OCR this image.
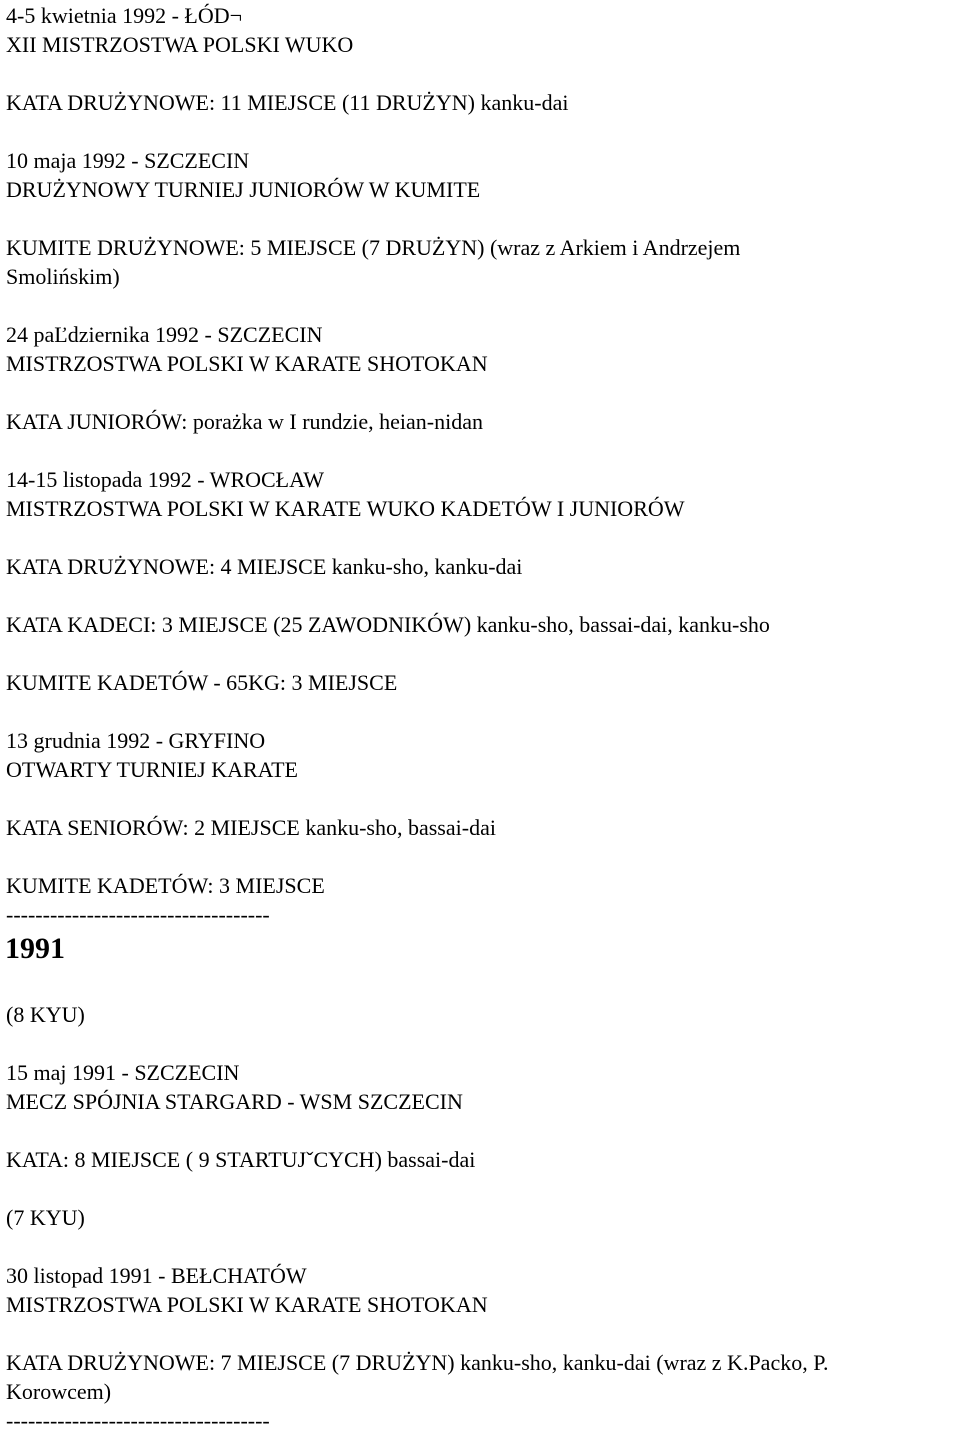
4-5 kwietnia 1992 - ŁÓD¬
XII MISTRZOSTWA POLSKI WUKO
KATA DRUŻYNOWE: 11 MIEJSCE (11 DRUŻYN) kanku-dai
10 maja 1992 - SZCZECIN
DRUŻYNOWY TURNIEJ JUNIORÓW W KUMITE
KUMITE DRUŻYNOWE: 5 MIEJSCE (7 DRUŻYN) (wraz z Arkiem i Andrzejem
Smolińskim)
24 paĽdziernika 1992 - SZCZECIN
MISTRZOSTWA POLSKI W KARATE SHOTOKAN
KATA JUNIORÓW: porażka w I rundzie, heian-nidan
14-15 listopada 1992 - WROCŁAW
MISTRZOSTWA POLSKI W KARATE WUKO KADETÓW I JUNIORÓW
KATA DRUŻYNOWE: 4 MIEJSCE kanku-sho, kanku-dai
KATA KADECI: 3 MIEJSCE (25 ZAWODNIKÓW) kanku-sho, bassai-dai, kanku-sho
KUMITE KADETÓW - 65KG: 3 MIEJSCE
13 grudnia 1992 - GRYFINO
OTWARTY TURNIEJ KARATE
KATA SENIORÓW: 2 MIEJSCE kanku-sho, bassai-dai
KUMITE KADETÓW: 3 MIEJSCE
------------------------------------
1991
(8 KYU)
15 maj 1991 - SZCZECIN
MECZ SPÓJNIA STARGARD - WSM SZCZECIN
KATA: 8 MIEJSCE ( 9 STARTUJˇCYCH) bassai-dai
(7 KYU)
30 listopad 1991 - BEŁCHATÓW
MISTRZOSTWA POLSKI W KARATE SHOTOKAN
KATA DRUŻYNOWE: 7 MIEJSCE (7 DRUŻYN) kanku-sho, kanku-dai (wraz z K.Packo, P.
Korowcem)
------------------------------------
